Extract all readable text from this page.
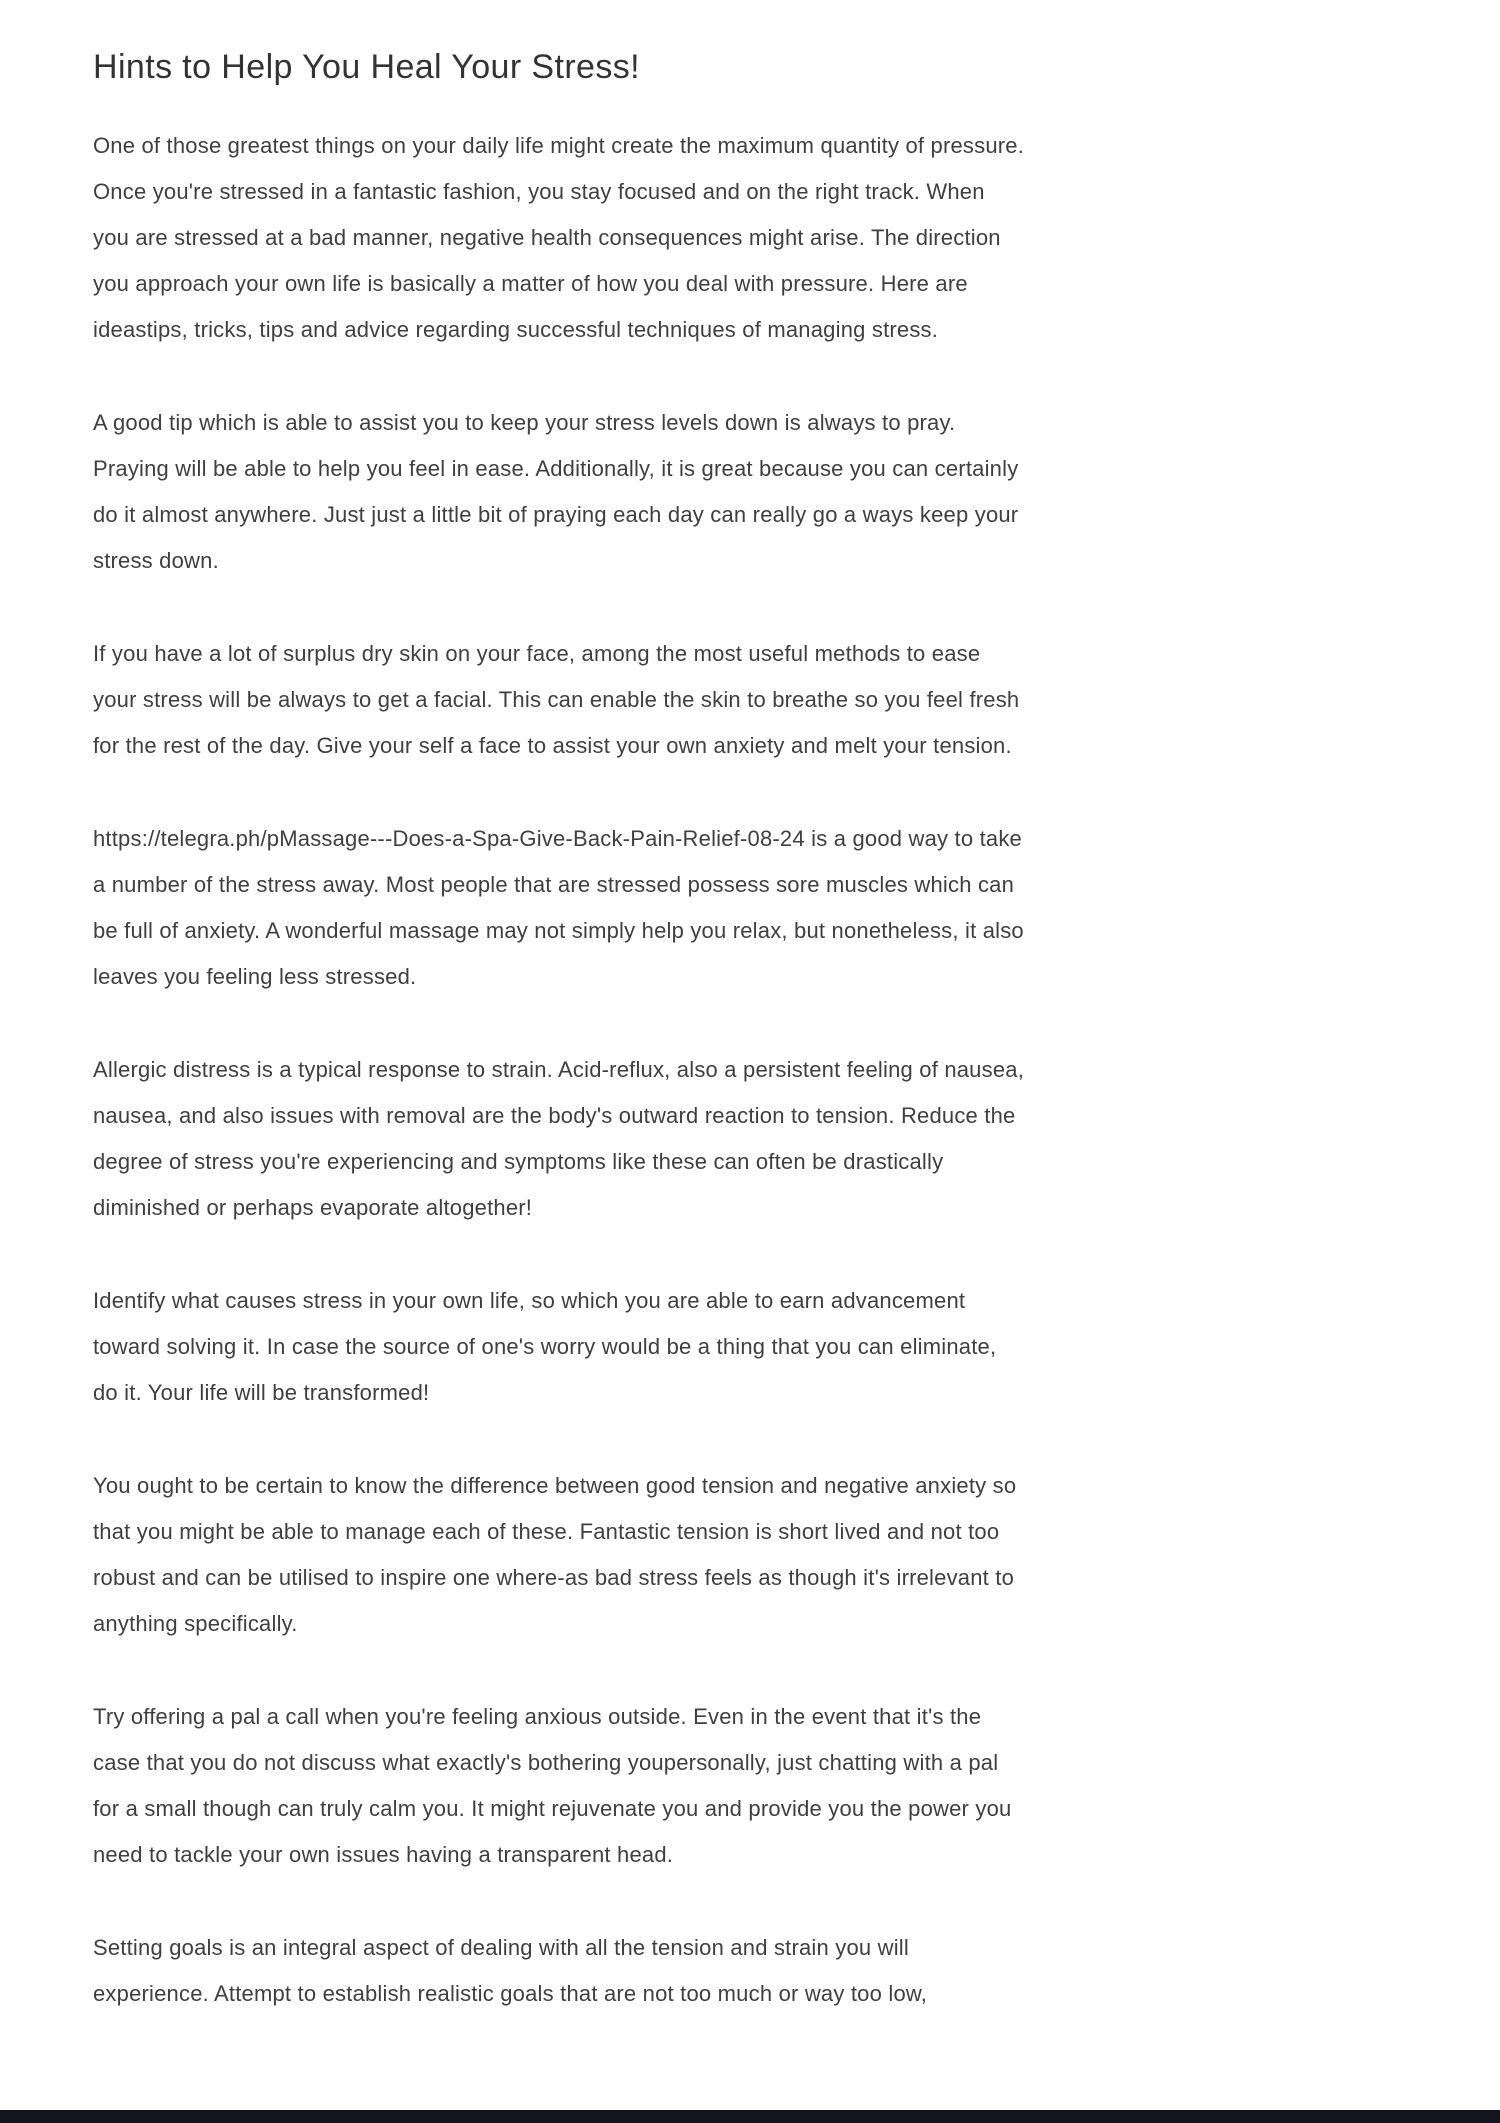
Hints to Help You Heal Your Stress!

One of those greatest things on your daily life might create the maximum quantity of pressure. Once you're stressed in a fantastic fashion, you stay focused and on the right track. When you are stressed at a bad manner, negative health consequences might arise. The direction you approach your own life is basically a matter of how you deal with pressure. Here are ideastips, tricks, tips and advice regarding successful techniques of managing stress.

A good tip which is able to assist you to keep your stress levels down is always to pray. Praying will be able to help you feel in ease. Additionally, it is great because you can certainly do it almost anywhere. Just just a little bit of praying each day can really go a ways keep your stress down.

If you have a lot of surplus dry skin on your face, among the most useful methods to ease your stress will be always to get a facial. This can enable the skin to breathe so you feel fresh for the rest of the day. Give your self a face to assist your own anxiety and melt your tension.

https://telegra.ph/pMassage---Does-a-Spa-Give-Back-Pain-Relief-08-24 is a good way to take a number of the stress away. Most people that are stressed possess sore muscles which can be full of anxiety. A wonderful massage may not simply help you relax, but nonetheless, it also leaves you feeling less stressed.

Allergic distress is a typical response to strain. Acid-reflux, also a persistent feeling of nausea, nausea, and also issues with removal are the body's outward reaction to tension. Reduce the degree of stress you're experiencing and symptoms like these can often be drastically diminished or perhaps evaporate altogether!

Identify what causes stress in your own life, so which you are able to earn advancement toward solving it. In case the source of one's worry would be a thing that you can eliminate, do it. Your life will be transformed!

You ought to be certain to know the difference between good tension and negative anxiety so that you might be able to manage each of these. Fantastic tension is short lived and not too robust and can be utilised to inspire one where-as bad stress feels as though it's irrelevant to anything specifically.

Try offering a pal a call when you're feeling anxious outside. Even in the event that it's the case that you do not discuss what exactly's bothering youpersonally, just chatting with a pal for a small though can truly calm you. It might rejuvenate you and provide you the power you need to tackle your own issues having a transparent head.

Setting goals is an integral aspect of dealing with all the tension and strain you will experience. Attempt to establish realistic goals that are not too much or way too low,
